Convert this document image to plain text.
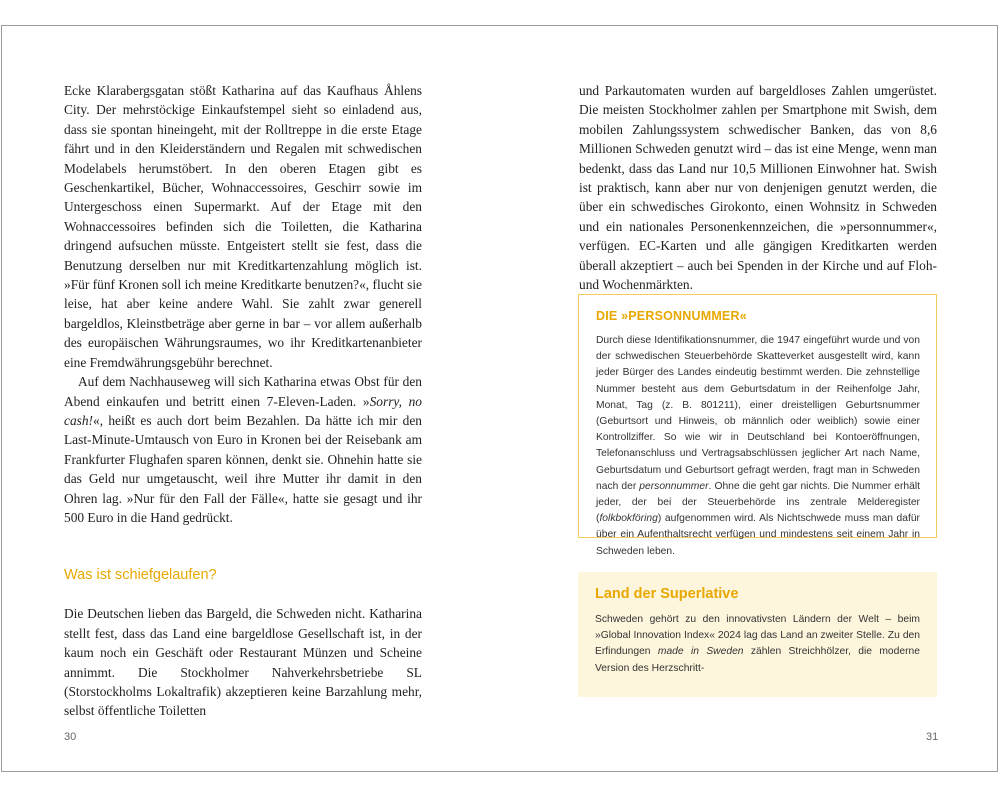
Ecke Klarabergsgatan stößt Katharina auf das Kaufhaus Åhlens City. Der mehrstöckige Einkaufstempel sieht so einladend aus, dass sie spontan hineingeht, mit der Rolltreppe in die erste Etage fährt und in den Kleiderständern und Regalen mit schwedischen Modelabels herumstöbert. In den oberen Etagen gibt es Geschenkartikel, Bücher, Wohnaccessoires, Geschirr sowie im Untergeschoss einen Supermarkt. Auf der Etage mit den Wohnaccessoires befinden sich die Toiletten, die Katharina dringend aufsuchen müsste. Entgeistert stellt sie fest, dass die Benutzung derselben nur mit Kreditkartenzahlung möglich ist. »Für fünf Kronen soll ich meine Kreditkarte benutzen?«, flucht sie leise, hat aber keine andere Wahl. Sie zahlt zwar generell bargeldlos, Kleinstbeträge aber gerne in bar – vor allem außerhalb des europäischen Währungsraumes, wo ihr Kreditkartenanbieter eine Fremdwährungsgebühr berechnet.

Auf dem Nachhauseweg will sich Katharina etwas Obst für den Abend einkaufen und betritt einen 7-Eleven-Laden. »Sorry, no cash!«, heißt es auch dort beim Bezahlen. Da hätte ich mir den Last-Minute-Umtausch von Euro in Kronen bei der Reisebank am Frankfurter Flughafen sparen können, denkt sie. Ohnehin hatte sie das Geld nur umgetauscht, weil ihre Mutter ihr damit in den Ohren lag. »Nur für den Fall der Fälle«, hatte sie gesagt und ihr 500 Euro in die Hand gedrückt.

Was ist schiefgelaufen?

Die Deutschen lieben das Bargeld, die Schweden nicht. Katharina stellt fest, dass das Land eine bargeldlose Gesellschaft ist, in der kaum noch ein Geschäft oder Restaurant Münzen und Scheine annimmt. Die Stockholmer Nahverkehrsbetriebe SL (Storstockholms Lokaltrafik) akzeptieren keine Barzahlung mehr, selbst öffentliche Toiletten

30

und Parkautomaten wurden auf bargeldloses Zahlen umgerüstet. Die meisten Stockholmer zahlen per Smartphone mit Swish, dem mobilen Zahlungssystem schwedischer Banken, das von 8,6 Millionen Schweden genutzt wird – das ist eine Menge, wenn man bedenkt, dass das Land nur 10,5 Millionen Einwohner hat. Swish ist praktisch, kann aber nur von denjenigen genutzt werden, die über ein schwedisches Girokonto, einen Wohnsitz in Schweden und ein nationales Personenkennzeichen, die »personnummer«, verfügen. EC-Karten und alle gängigen Kreditkarten werden überall akzeptiert – auch bei Spenden in der Kirche und auf Floh- und Wochenmärkten.

DIE »PERSONNUMMER«

Durch diese Identifikationsnummer, die 1947 eingeführt wurde und von der schwedischen Steuerbehörde Skatteverket ausgestellt wird, kann jeder Bürger des Landes eindeutig bestimmt werden. Die zehnstellige Nummer besteht aus dem Geburtsdatum in der Reihenfolge Jahr, Monat, Tag (z. B. 801211), einer dreistelligen Geburtsnummer (Geburtsort und Hinweis, ob männlich oder weiblich) sowie einer Kontrollziffer. So wie wir in Deutschland bei Kontoeröffnungen, Telefonanschluss und Vertragsabschlüssen jeglicher Art nach Name, Geburtsdatum und Geburtsort gefragt werden, fragt man in Schweden nach der personnummer. Ohne die geht gar nichts. Die Nummer erhält jeder, der bei der Steuerbehörde ins zentrale Melderegister (folkbokföring) aufgenommen wird. Als Nichtschwede muss man dafür über ein Aufenthaltsrecht verfügen und mindestens seit einem Jahr in Schweden leben.

Land der Superlative

Schweden gehört zu den innovativsten Ländern der Welt – beim »Global Innovation Index« 2024 lag das Land an zweiter Stelle. Zu den Erfindungen made in Sweden zählen Streichhölzer, die moderne Version des Herzschritt-

31
